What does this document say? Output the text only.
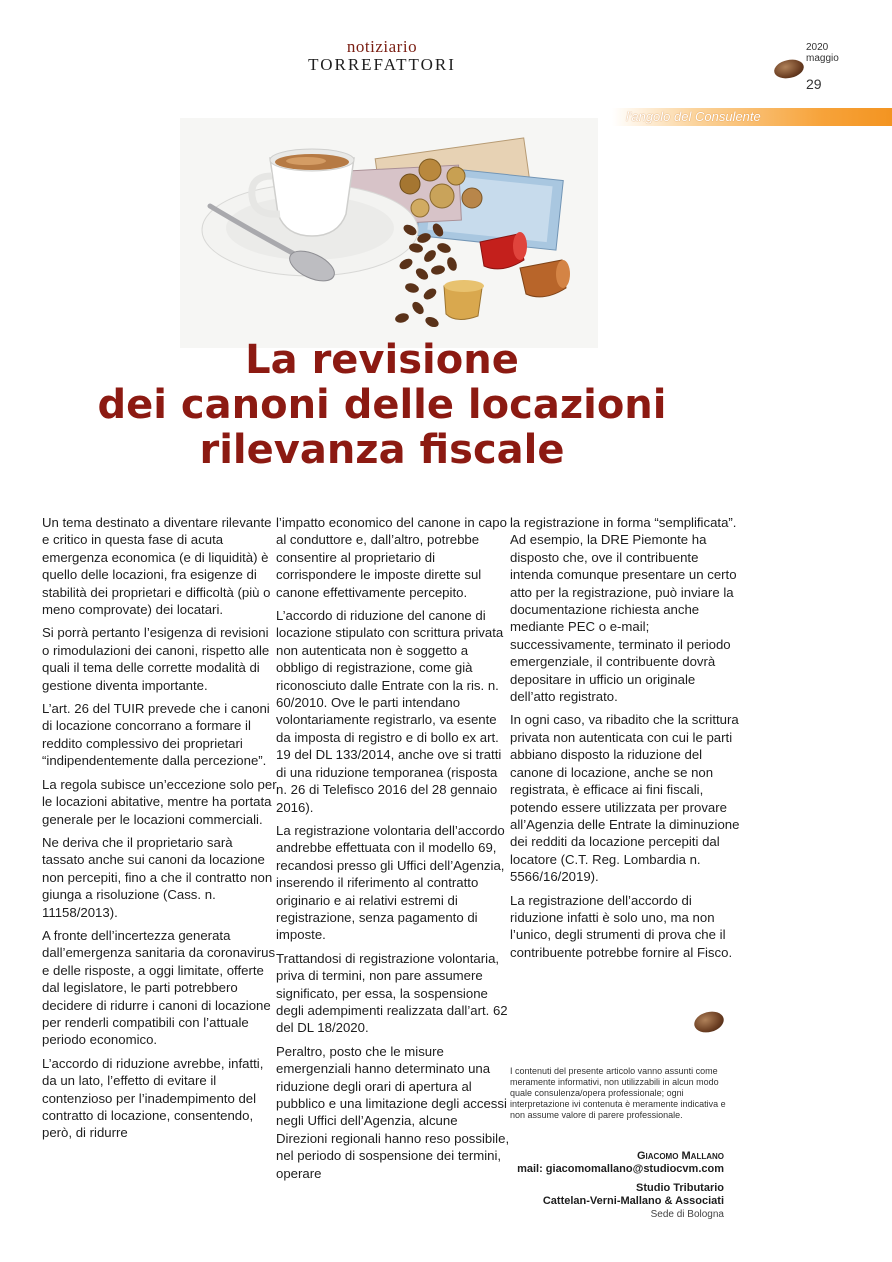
notiziario
TORREFATTORI
2020
maggio
29
l'angolo del Consulente
La revisione
dei canoni delle locazioni
rilevanza fiscale

Un tema destinato a diventare rilevante e critico in questa fase di acuta emergenza economica (e di liquidità) è quello delle locazioni, fra esigenze di stabilità dei proprietari e difficoltà (più o meno comprovate) dei locatari.

Si porrà pertanto l’esigenza di revisioni o rimodulazioni dei canoni, rispetto alle quali il tema delle corrette modalità di gestione diventa importante.

L’art. 26 del TUIR prevede che i canoni di locazione concorrano a formare il reddito complessivo dei proprietari “indipendentemente dalla percezione”.

La regola subisce un’eccezione solo per le locazioni abitative, mentre ha portata generale per le locazioni commerciali.

Ne deriva che il proprietario sarà tassato anche sui canoni da locazione non percepiti, fino a che il contratto non giunga a risoluzione (Cass. n. 11158/2013).

A fronte dell’incertezza generata dall’emergenza sanitaria da coronavirus e delle risposte, a oggi limitate, offerte dal legislatore, le parti potrebbero decidere di ridurre i canoni di locazione per renderli compatibili con l’attuale periodo economico.

L’accordo di riduzione avrebbe, infatti, da un lato, l’effetto di evitare il contenzioso per l’inadempimento del contratto di locazione, consentendo, però, di ridurre

l’impatto economico del canone in capo al conduttore e, dall’altro, potrebbe consentire al proprietario di corrispondere le imposte dirette sul canone effettivamente percepito.

L’accordo di riduzione del canone di locazione stipulato con scrittura privata non autenticata non è soggetto a obbligo di registrazione, come già riconosciuto dalle Entrate con la ris. n. 60/2010. Ove le parti intendano volontariamente registrarlo, va esente da imposta di registro e di bollo ex art. 19 del DL 133/2014, anche ove si tratti di una riduzione temporanea (risposta n. 26 di Telefisco 2016 del 28 gennaio 2016).

La registrazione volontaria dell’accordo andrebbe effettuata con il modello 69, recandosi presso gli Uffici dell’Agenzia, inserendo il riferimento al contratto originario e ai relativi estremi di registrazione, senza pagamento di imposte.

Trattandosi di registrazione volontaria, priva di termini, non pare assumere significato, per essa, la sospensione degli adempimenti realizzata dall’art. 62 del DL 18/2020.

Peraltro, posto che le misure emergenziali hanno determinato una riduzione degli orari di apertura al pubblico e una limitazione degli accessi negli Uffici dell’Agenzia, alcune Direzioni regionali hanno reso possibile, nel periodo di sospensione dei termini, operare

la registrazione in forma “semplificata”. Ad esempio, la DRE Piemonte ha disposto che, ove il contribuente intenda comunque presentare un certo atto per la registrazione, può inviare la documentazione richiesta anche mediante PEC o e-mail; successivamente, terminato il periodo emergenziale, il contribuente dovrà depositare in ufficio un originale dell’atto registrato.

In ogni caso, va ribadito che la scrittura privata non autenticata con cui le parti abbiano disposto la riduzione del canone di locazione, anche se non registrata, è efficace ai fini fiscali, potendo essere utilizzata per provare all’Agenzia delle Entrate la diminuzione dei redditi da locazione percepiti dal locatore (C.T. Reg. Lombardia n. 5566/16/2019).

La registrazione dell’accordo di riduzione infatti è solo uno, ma non l’unico, degli strumenti di prova che il contribuente potrebbe fornire al Fisco.

I contenuti del presente articolo vanno assunti come meramente informativi, non utilizzabili in alcun modo quale consulenza/opera professionale; ogni interpretazione ivi contenuta è meramente indicativa e non assume valore di parere professionale.
Giacomo Mallano
mail: giacomomallano@studiocvm.com
Studio Tributario
Cattelan-Verni-Mallano & Associati
Sede di Bologna
